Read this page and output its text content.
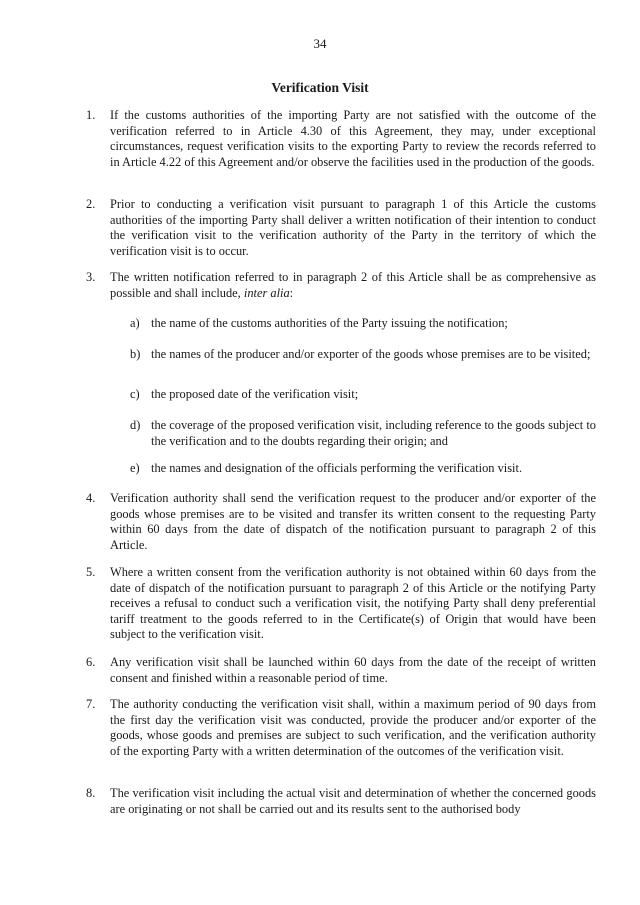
34
Verification Visit
1. If the customs authorities of the importing Party are not satisfied with the outcome of the verification referred to in Article 4.30 of this Agreement, they may, under exceptional circumstances, request verification visits to the exporting Party to review the records referred to in Article 4.22 of this Agreement and/or observe the facilities used in the production of the goods.
2. Prior to conducting a verification visit pursuant to paragraph 1 of this Article the customs authorities of the importing Party shall deliver a written notification of their intention to conduct the verification visit to the verification authority of the Party in the territory of which the verification visit is to occur.
3. The written notification referred to in paragraph 2 of this Article shall be as comprehensive as possible and shall include, inter alia:
a) the name of the customs authorities of the Party issuing the notification;
b) the names of the producer and/or exporter of the goods whose premises are to be visited;
c) the proposed date of the verification visit;
d) the coverage of the proposed verification visit, including reference to the goods subject to the verification and to the doubts regarding their origin; and
e) the names and designation of the officials performing the verification visit.
4. Verification authority shall send the verification request to the producer and/or exporter of the goods whose premises are to be visited and transfer its written consent to the requesting Party within 60 days from the date of dispatch of the notification pursuant to paragraph 2 of this Article.
5. Where a written consent from the verification authority is not obtained within 60 days from the date of dispatch of the notification pursuant to paragraph 2 of this Article or the notifying Party receives a refusal to conduct such a verification visit, the notifying Party shall deny preferential tariff treatment to the goods referred to in the Certificate(s) of Origin that would have been subject to the verification visit.
6. Any verification visit shall be launched within 60 days from the date of the receipt of written consent and finished within a reasonable period of time.
7. The authority conducting the verification visit shall, within a maximum period of 90 days from the first day the verification visit was conducted, provide the producer and/or exporter of the goods, whose goods and premises are subject to such verification, and the verification authority of the exporting Party with a written determination of the outcomes of the verification visit.
8. The verification visit including the actual visit and determination of whether the concerned goods are originating or not shall be carried out and its results sent to the authorised body
